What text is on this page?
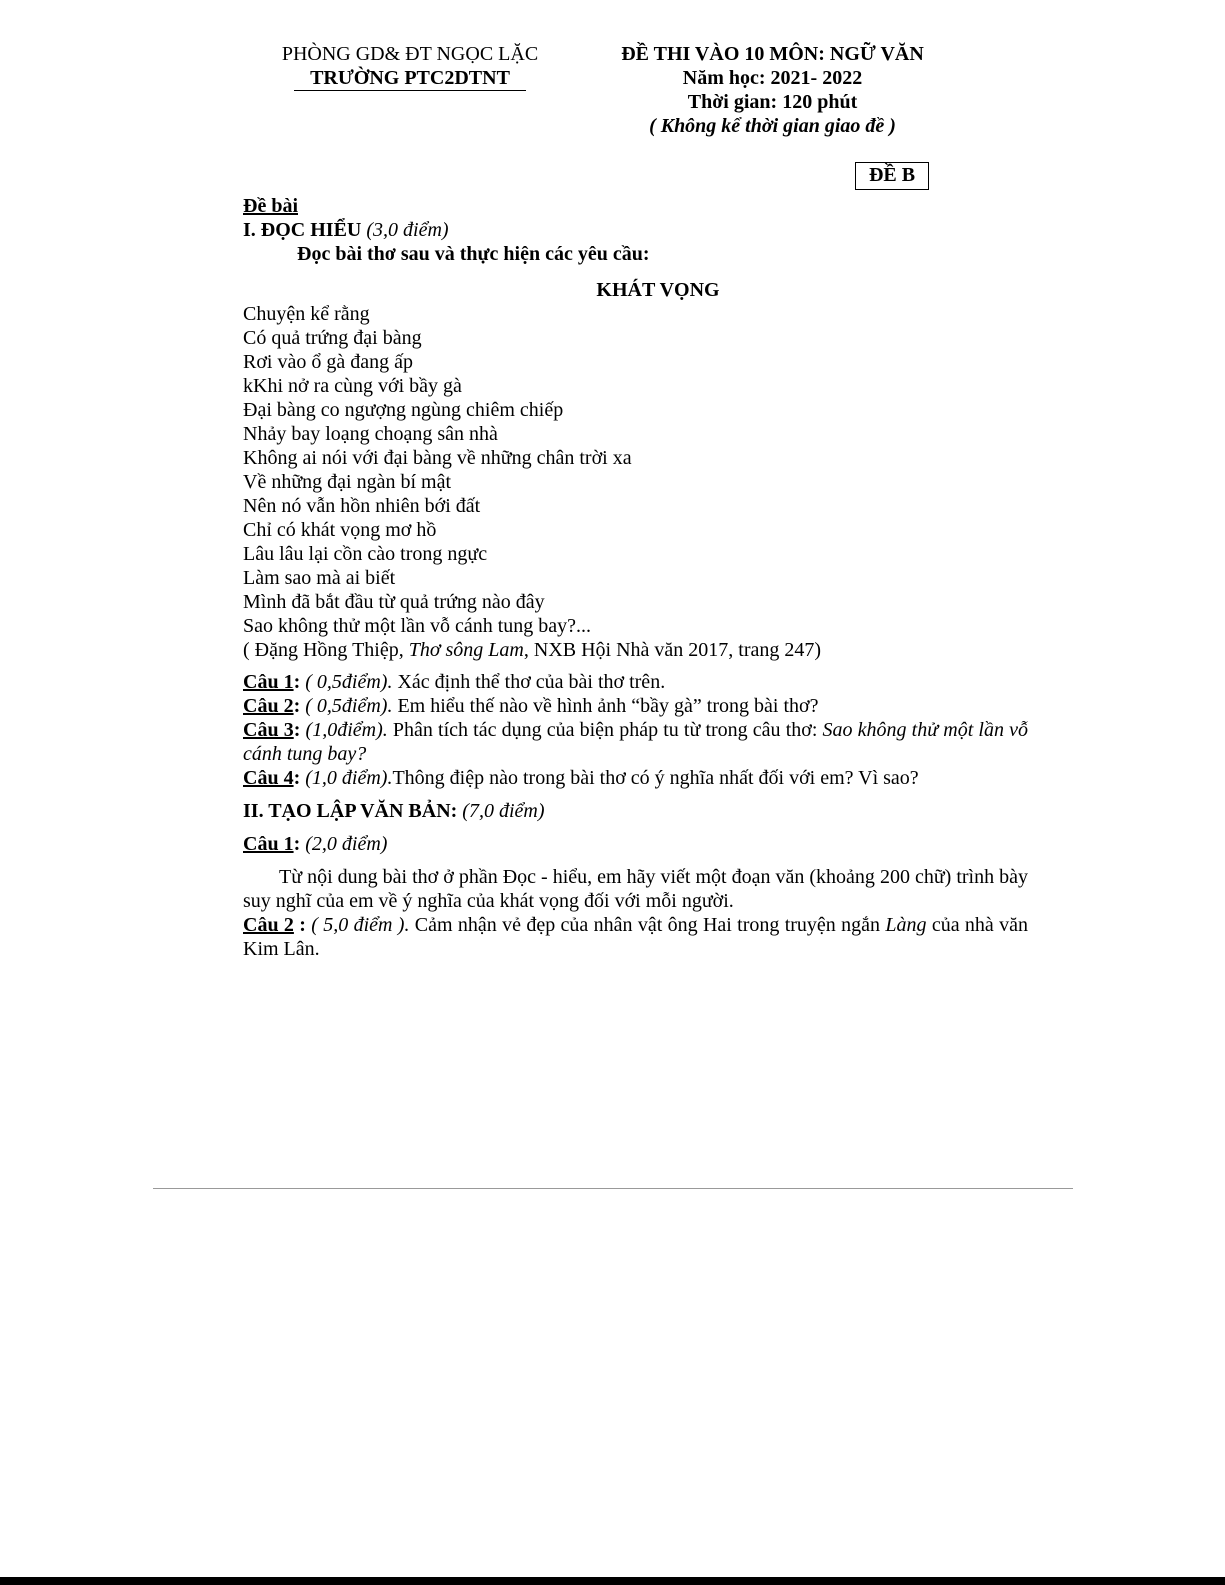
PHÒNG GD& ĐT NGỌC LẶC
TRƯỜNG PTC2DTNT
ĐỀ THI VÀO 10 MÔN: NGỮ VĂN
Năm học: 2021- 2022
Thời gian: 120 phút
( Không kể thời gian giao đề )
ĐỀ B
Đề bài
I. ĐỌC HIỂU (3,0 điểm)
Đọc bài thơ sau và thực hiện các yêu cầu:
KHÁT VỌNG
Chuyện kể rằng
Có quả trứng đại bàng
Rơi vào ổ gà đang ấp
kKhi nở ra cùng với bầy gà
Đại bàng co ngượng ngùng chiêm chiếp
Nhảy bay loạng choạng sân nhà
Không ai nói với đại bàng về những chân trời xa
Về những đại ngàn bí mật
Nên nó vẫn hồn nhiên bới đất
Chỉ có khát vọng mơ hồ
Lâu lâu lại cồn cào trong ngực
Làm sao mà ai biết
Mình đã bắt đầu từ quả trứng nào đây
Sao không thử một lần vỗ cánh tung bay?...
( Đặng Hồng Thiệp, Thơ sông Lam, NXB Hội Nhà văn 2017, trang 247)
Câu 1: ( 0,5điểm). Xác định thể thơ của bài thơ trên.
Câu 2: ( 0,5điểm). Em hiểu thế nào về hình ảnh “bầy gà” trong bài thơ?
Câu 3: (1,0điểm). Phân tích tác dụng của biện pháp tu từ trong câu thơ: Sao không thử một lần vỗ cánh tung bay?
Câu 4: (1,0 điểm).Thông điệp nào trong bài thơ có ý nghĩa nhất đối với em? Vì sao?
II. TẠO LẬP VĂN BẢN: (7,0 điểm)
Câu 1: (2,0 điểm)
Từ nội dung bài thơ ở phần Đọc - hiểu, em hãy viết một đoạn văn (khoảng 200 chữ) trình bày suy nghĩ của em về ý nghĩa của khát vọng đối với mỗi người.
Câu 2 : ( 5,0 điểm ). Cảm nhận vẻ đẹp của nhân vật ông Hai trong truyện ngắn Làng của nhà văn Kim Lân.
